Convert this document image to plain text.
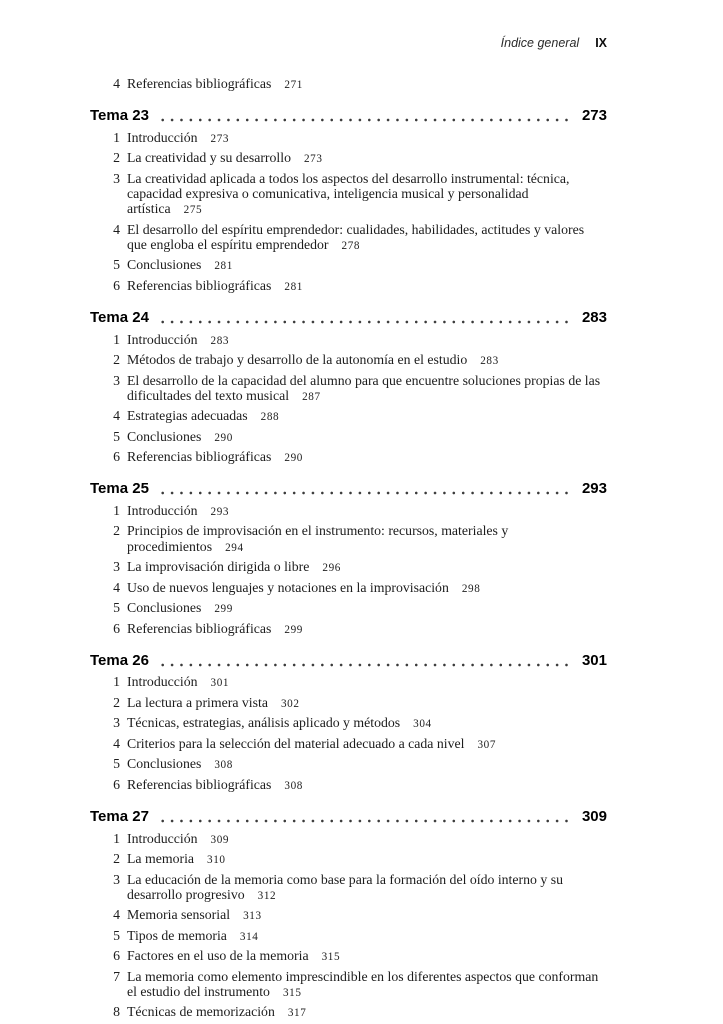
Índice general IX
4 Referencias bibliográficas 271
Tema 23	273
1 Introducción 273
2 La creatividad y su desarrollo 273
3 La creatividad aplicada a todos los aspectos del desarrollo instrumental: técnica, capacidad expresiva o comunicativa, inteligencia musical y personalidad artística 275
4 El desarrollo del espíritu emprendedor: cualidades, habilidades, actitudes y valores que engloba el espíritu emprendedor 278
5 Conclusiones 281
6 Referencias bibliográficas 281
Tema 24	283
1 Introducción 283
2 Métodos de trabajo y desarrollo de la autonomía en el estudio 283
3 El desarrollo de la capacidad del alumno para que encuentre soluciones propias de las dificultades del texto musical 287
4 Estrategias adecuadas 288
5 Conclusiones 290
6 Referencias bibliográficas 290
Tema 25	293
1 Introducción 293
2 Principios de improvisación en el instrumento: recursos, materiales y procedimientos 294
3 La improvisación dirigida o libre 296
4 Uso de nuevos lenguajes y notaciones en la improvisación 298
5 Conclusiones 299
6 Referencias bibliográficas 299
Tema 26	301
1 Introducción 301
2 La lectura a primera vista 302
3 Técnicas, estrategias, análisis aplicado y métodos 304
4 Criterios para la selección del material adecuado a cada nivel 307
5 Conclusiones 308
6 Referencias bibliográficas 308
Tema 27	309
1 Introducción 309
2 La memoria 310
3 La educación de la memoria como base para la formación del oído interno y su desarrollo progresivo 312
4 Memoria sensorial 313
5 Tipos de memoria 314
6 Factores en el uso de la memoria 315
7 La memoria como elemento imprescindible en los diferentes aspectos que conforman el estudio del instrumento 315
8 Técnicas de memorización 317
